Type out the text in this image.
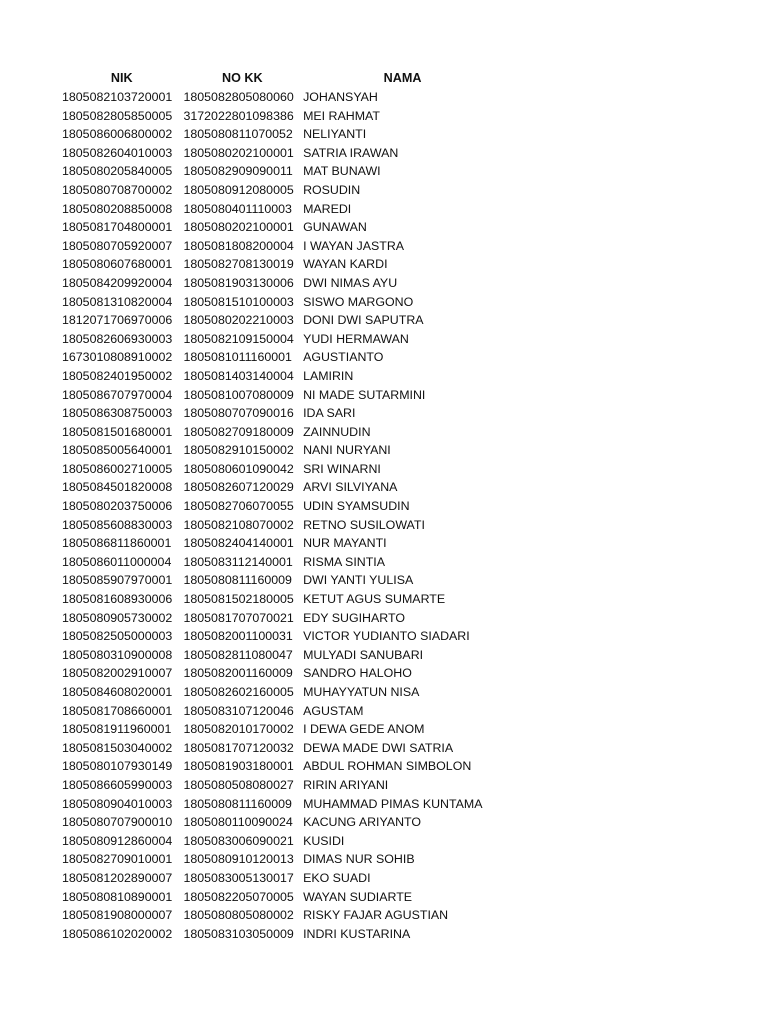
NIK	NO KK	NAMA
1805082103720001	1805082805080060	JOHANSYAH
1805082805850005	3172022801098386	MEI RAHMAT
1805086006800002	1805080811070052	NELIYANTI
1805082604010003	1805080202100001	SATRIA IRAWAN
1805080205840005	1805082909090011	MAT BUNAWI
1805080708700002	1805080912080005	ROSUDIN
1805080208850008	1805080401110003	MAREDI
1805081704800001	1805080202100001	GUNAWAN
1805080705920007	1805081808200004	I WAYAN JASTRA
1805080607680001	1805082708130019	WAYAN KARDI
1805084209920004	1805081903130006	DWI NIMAS AYU
1805081310820004	1805081510100003	SISWO MARGONO
1812071706970006	1805080202210003	DONI DWI SAPUTRA
1805082606930003	1805082109150004	YUDI HERMAWAN
1673010808910002	1805081011160001	AGUSTIANTO
1805082401950002	1805081403140004	LAMIRIN
1805086707970004	1805081007080009	NI MADE SUTARMINI
1805086308750003	1805080707090016	IDA SARI
1805081501680001	1805082709180009	ZAINNUDIN
1805085005640001	1805082910150002	NANI NURYANI
1805086002710005	1805080601090042	SRI WINARNI
1805084501820008	1805082607120029	ARVI SILVIYANA
1805080203750006	1805082706070055	UDIN SYAMSUDIN
1805085608830003	1805082108070002	RETNO SUSILOWATI
1805086811860001	1805082404140001	NUR MAYANTI
1805086011000004	1805083112140001	RISMA SINTIA
1805085907970001	1805080811160009	DWI YANTI YULISA
1805081608930006	1805081502180005	KETUT AGUS SUMARTE
1805080905730002	1805081707070021	EDY SUGIHARTO
1805082505000003	1805082001100031	VICTOR YUDIANTO SIADARI
1805080310900008	1805082811080047	MULYADI SANUBARI
1805082002910007	1805082001160009	SANDRO HALOHO
1805084608020001	1805082602160005	MUHAYYATUN NISA
1805081708660001	1805083107120046	AGUSTAM
1805081911960001	1805082010170002	I DEWA GEDE ANOM
1805081503040002	1805081707120032	DEWA MADE DWI SATRIA
1805080107930149	1805081903180001	ABDUL ROHMAN SIMBOLON
1805086605990003	1805080508080027	RIRIN ARIYANI
1805080904010003	1805080811160009	MUHAMMAD PIMAS KUNTAMA
1805080707900010	1805080110090024	KACUNG ARIYANTO
1805080912860004	1805083006090021	KUSIDI
1805082709010001	1805080910120013	DIMAS NUR SOHIB
1805081202890007	1805083005130017	EKO SUADI
1805080810890001	1805082205070005	WAYAN SUDIARTE
1805081908000007	1805080805080002	RISKY FAJAR AGUSTIAN
1805086102020002	1805083103050009	INDRI KUSTARINA
